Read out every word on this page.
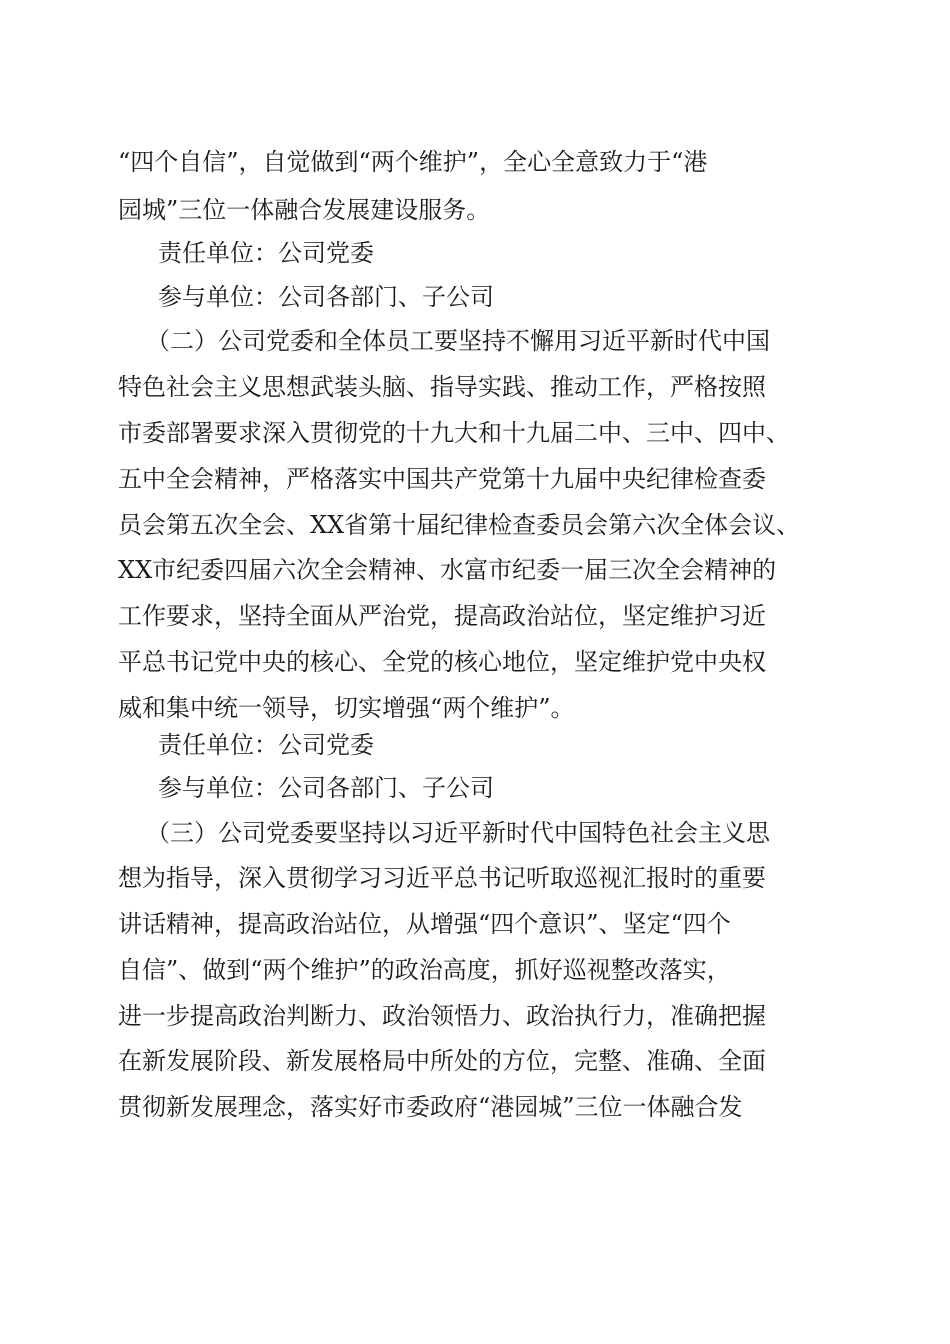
“四个自信”，自觉做到“两个维护”，全心全意致力于“港
园城”三位一体融合发展建设服务。
责任单位：公司党委
参与单位：公司各部门、子公司
（二）公司党委和全体员工要坚持不懈用习近平新时代中国
特色社会主义思想武装头脑、指导实践、推动工作，严格按照
市委部署要求深入贯彻党的十九大和十九届二中、三中、四中、
五中全会精神，严格落实中国共产党第十九届中央纪律检查委
员会第五次全会、XX省第十届纪律检查委员会第六次全体会议、
XX市纪委四届六次全会精神、水富市纪委一届三次全会精神的
工作要求，坚持全面从严治党，提高政治站位，坚定维护习近
平总书记党中央的核心、全党的核心地位，坚定维护党中央权
威和集中统一领导，切实增强“两个维护”。
责任单位：公司党委
参与单位：公司各部门、子公司
（三）公司党委要坚持以习近平新时代中国特色社会主义思
想为指导，深入贯彻学习习近平总书记听取巡视汇报时的重要
讲话精神，提高政治站位，从增强“四个意识”、坚定“四个
自信”、做到“两个维护”的政治高度，抓好巡视整改落实，
进一步提高政治判断力、政治领悟力、政治执行力，准确把握
在新发展阶段、新发展格局中所处的方位，完整、准确、全面
贯彻新发展理念，落实好市委政府“港园城”三位一体融合发
